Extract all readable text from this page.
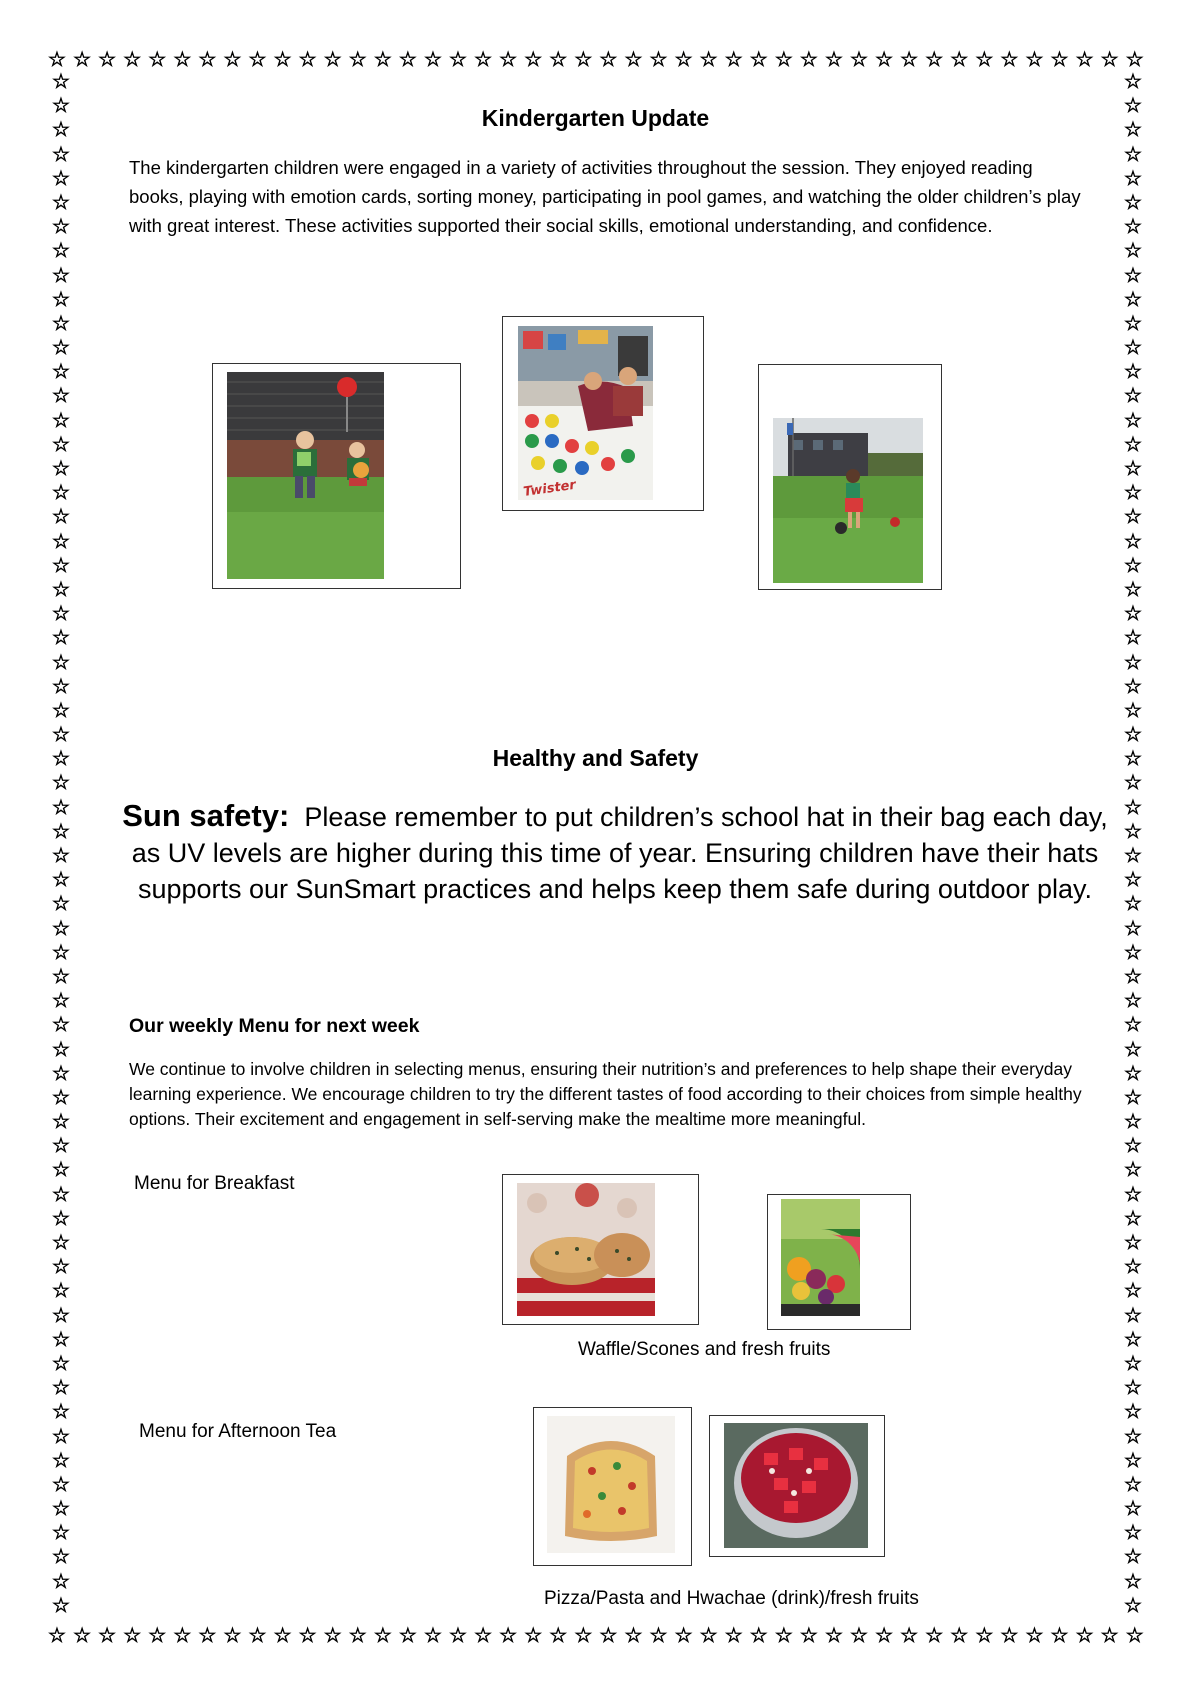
☆ ☆ ☆ ☆ ☆ ☆ ☆ ☆ ☆ ☆ ☆ ☆ ☆ ☆ ☆ ☆ ☆ ☆ ☆ ☆ ☆ ☆ ☆ ☆ ☆ ☆ ☆ ☆ ☆ ☆ ☆ ☆ ☆ ☆ ☆ ☆ ☆ ☆ ☆ ☆ ☆ ☆ ☆ ☆
☆ ☆ ☆ ☆ ☆ ☆ ☆ ☆ ☆ ☆ ☆ ☆ ☆ ☆ ☆ ☆ ☆ ☆ ☆ ☆ ☆ ☆ ☆ ☆ ☆ ☆ ☆ ☆ ☆ ☆ ☆ ☆ ☆ ☆ ☆ ☆ ☆ ☆ ☆ ☆ ☆ ☆ ☆ ☆
☆
☆
☆
☆
☆
☆
☆
☆
☆
☆
☆
☆
☆
☆
☆
☆
☆
☆
☆
☆
☆
☆
☆
☆
☆
☆
☆
☆
☆
☆
☆
☆
☆
☆
☆
☆
☆
☆
☆
☆
☆
☆
☆
☆
☆
☆
☆
☆
☆
☆
☆
☆
☆
☆
☆
☆
☆
☆
☆
☆
☆
☆
☆
☆
☆
☆
☆
☆
☆
☆
☆
☆
☆
☆
☆
☆
☆
☆
☆
☆
☆
☆
☆
☆
☆
☆
☆
☆
☆
☆
☆
☆
☆
☆
☆
☆
☆
☆
☆
☆
☆
☆
☆
☆
☆
☆
☆
☆
☆
☆
☆
☆
☆
☆
☆
☆
☆
☆
☆
☆
☆
☆
☆
☆
☆
☆
☆
☆
Kindergarten Update
The kindergarten children were engaged in a variety of activities throughout the session. They enjoyed reading books, playing with emotion cards, sorting money, participating in pool games, and watching the older children’s play with great interest. These activities supported their social skills, emotional understanding, and confidence.
Twister
Healthy and Safety
Sun safety: Please remember to put children’s school hat in their bag each day, as UV levels are higher during this time of year. Ensuring children have their hats supports our SunSmart practices and helps keep them safe during outdoor play.
Our weekly Menu for next week
We continue to involve children in selecting menus, ensuring their nutrition’s and preferences to help shape their everyday learning experience. We encourage children to try the different tastes of food according to their choices from simple healthy options. Their excitement and engagement in self-serving make the mealtime more meaningful.
Menu for Breakfast
Waffle/Scones and fresh fruits
Menu for Afternoon Tea
Pizza/Pasta and Hwachae (drink)/fresh fruits
